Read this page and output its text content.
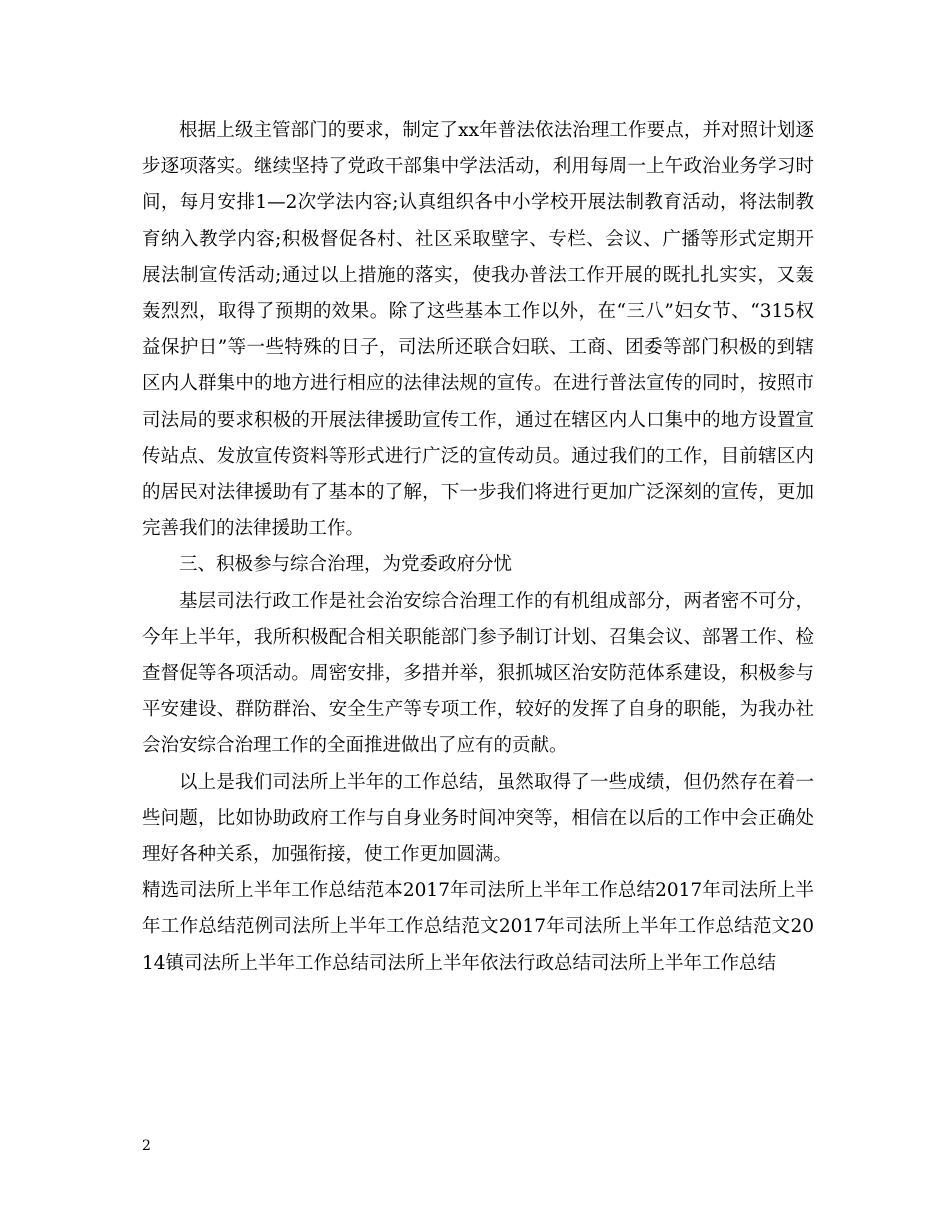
根据上级主管部门的要求，制定了xx年普法依法治理工作要点，并对照计划逐步逐项落实。继续坚持了党政干部集中学法活动，利用每周一上午政治业务学习时间，每月安排1—2次学法内容;认真组织各中小学校开展法制教育活动，将法制教育纳入教学内容;积极督促各村、社区采取壁字、专栏、会议、广播等形式定期开展法制宣传活动;通过以上措施的落实，使我办普法工作开展的既扎扎实实，又轰轰烈烈，取得了预期的效果。除了这些基本工作以外，在“三八”妇女节、“315权益保护日”等一些特殊的日子，司法所还联合妇联、工商、团委等部门积极的到辖区内人群集中的地方进行相应的法律法规的宣传。在进行普法宣传的同时，按照市司法局的要求积极的开展法律援助宣传工作，通过在辖区内人口集中的地方设置宣传站点、发放宣传资料等形式进行广泛的宣传动员。通过我们的工作，目前辖区内的居民对法律援助有了基本的了解，下一步我们将进行更加广泛深刻的宣传，更加完善我们的法律援助工作。

三、积极参与综合治理，为党委政府分忧

基层司法行政工作是社会治安综合治理工作的有机组成部分，两者密不可分，今年上半年，我所积极配合相关职能部门参予制订计划、召集会议、部署工作、检查督促等各项活动。周密安排，多措并举，狠抓城区治安防范体系建设，积极参与平安建设、群防群治、安全生产等专项工作，较好的发挥了自身的职能，为我办社会治安综合治理工作的全面推进做出了应有的贡献。

以上是我们司法所上半年的工作总结，虽然取得了一些成绩，但仍然存在着一些问题，比如协助政府工作与自身业务时间冲突等，相信在以后的工作中会正确处理好各种关系，加强衔接，使工作更加圆满。

精选司法所上半年工作总结范本2017年司法所上半年工作总结2017年司法所上半年工作总结范例司法所上半年工作总结范文2017年司法所上半年工作总结范文2014镇司法所上半年工作总结司法所上半年依法行政总结司法所上半年工作总结

2
